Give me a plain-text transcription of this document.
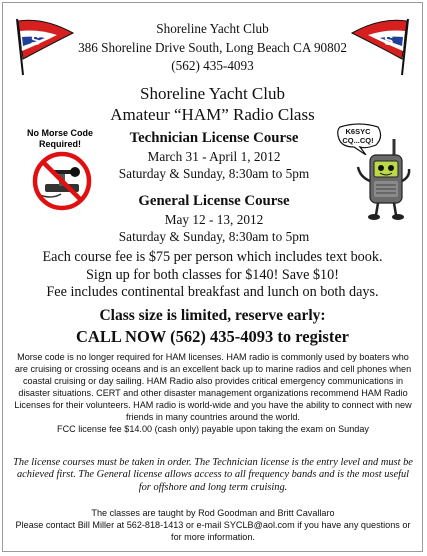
S	S
Shoreline Yacht Club
386 Shoreline Drive South, Long Beach CA 90802
(562) 435-4093
Shoreline Yacht Club
Amateur “HAM” Radio Class
No Morse Code
Required!
K6SYC
CQ...CQ!
Technician License Course
March 31 - April 1, 2012
Saturday & Sunday, 8:30am to 5pm
General License Course
May 12 - 13, 2012
Saturday & Sunday, 8:30am to 5pm
Each course fee is $75 per person which includes text book.
Sign up for both classes for $140! Save $10!
Fee includes continental breakfast and lunch on both days.
Class size is limited, reserve early:
CALL NOW (562) 435-4093 to register
Morse code is no longer required for HAM licenses. HAM radio is commonly used by boaters who are cruising or crossing oceans and is an excellent back up to marine radios and cell phones when coastal cruising or day sailing. HAM Radio also provides critical emergency communications in disaster situations. CERT and other disaster management organizations recommend HAM Radio Licenses for their volunteers. HAM radio is world-wide and you have the ability to connect with new friends in many countries around the world.
FCC license fee $14.00 (cash only) payable upon taking the exam on Sunday
The license courses must be taken in order. The Technician license is the entry level and must be achieved first. The General license allows access to all frequency bands and is the most useful for offshore and long term cruising.
The classes are taught by Rod Goodman and Britt Cavallaro
Please contact Bill Miller at 562-818-1413 or e-mail SYCLB@aol.com if you have any questions or for more information.
